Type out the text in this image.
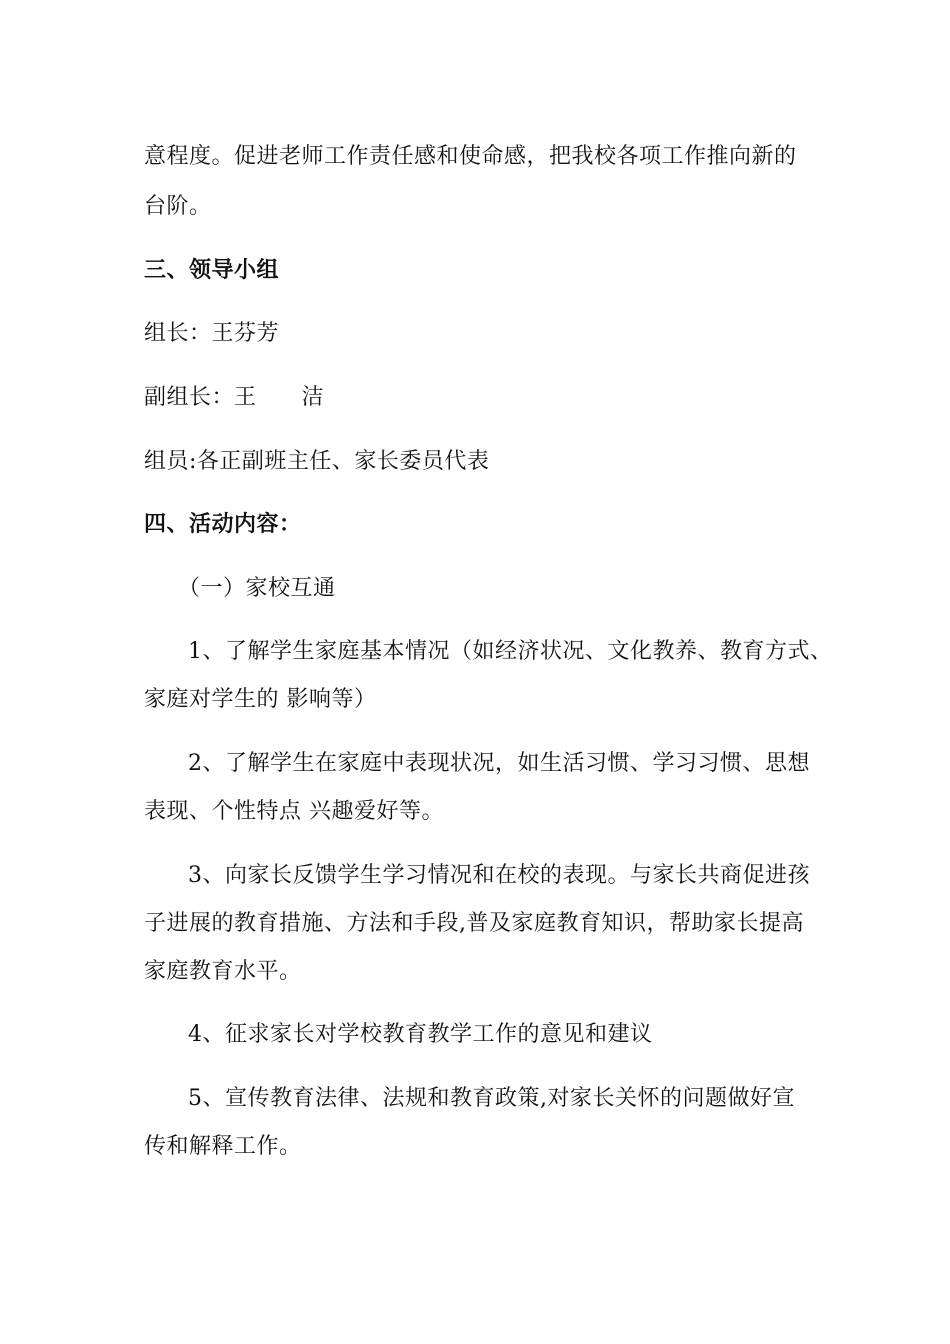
意程度。促进老师工作责任感和使命感，把我校各项工作推向新的
台阶。
三、领导小组
组长：王芬芳
副组长：王　　洁
组员:各正副班主任、家长委员代表
四、活动内容：
（一）家校互通
1、了解学生家庭基本情况（如经济状况、文化教养、教育方式、
家庭对学生的 影响等）
2、了解学生在家庭中表现状况，如生活习惯、学习习惯、思想
表现、个性特点 兴趣爱好等。
3、向家长反馈学生学习情况和在校的表现。与家长共商促进孩
子进展的教育措施、方法和手段,普及家庭教育知识，帮助家长提高
家庭教育水平。
4、征求家长对学校教育教学工作的意见和建议
5、宣传教育法律、法规和教育政策,对家长关怀的问题做好宣
传和解释工作。
